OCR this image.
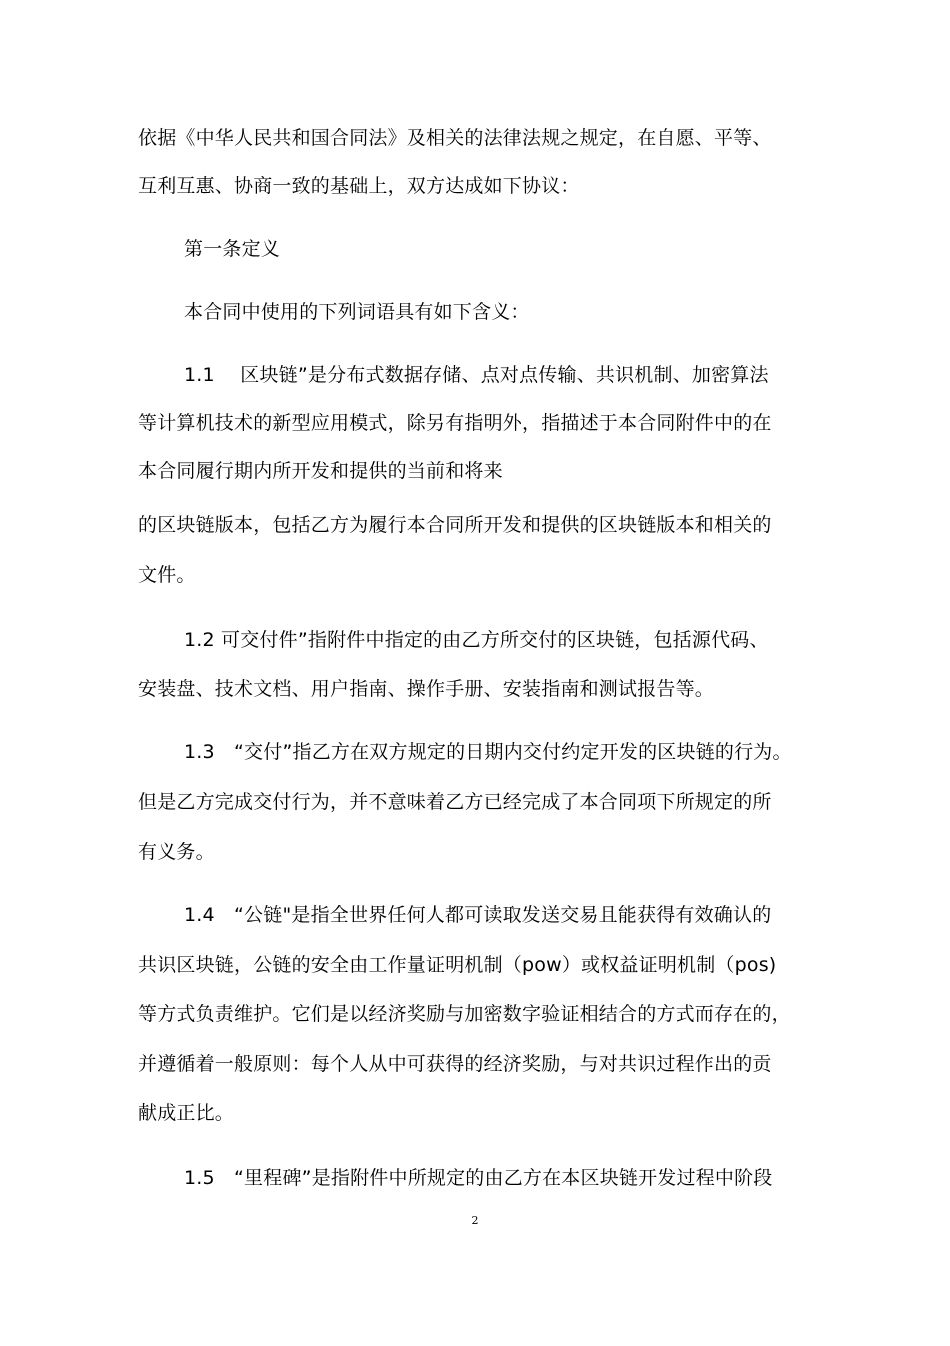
依据《中华人民共和国合同法》及相关的法律法规之规定，在自愿、平等、
互利互惠、协商一致的基础上，双方达成如下协议：
第一条定义
本合同中使用的下列词语具有如下含义：
1.1　 区块链”是分布式数据存储、点对点传输、共识机制、加密算法
等计算机技术的新型应用模式，除另有指明外，指描述于本合同附件中的在
本合同履行期内所开发和提供的当前和将来
的区块链版本，包括乙方为履行本合同所开发和提供的区块链版本和相关的
文件。
1.2 可交付件”指附件中指定的由乙方所交付的区块链，包括源代码、
安装盘、技术文档、用户指南、操作手册、安装指南和测试报告等。
1.3　“交付”指乙方在双方规定的日期内交付约定开发的区块链的行为。
但是乙方完成交付行为，并不意味着乙方已经完成了本合同项下所规定的所
有义务。
1.4　“公链"是指全世界任何人都可读取发送交易且能获得有效确认的
共识区块链，公链的安全由工作量证明机制（pow）或权益证明机制（pos)
等方式负责维护。它们是以经济奖励与加密数字验证相结合的方式而存在的，
并遵循着一般原则：每个人从中可获得的经济奖励，与对共识过程作出的贡
献成正比。
1.5　“里程碑”是指附件中所规定的由乙方在本区块链开发过程中阶段
2
